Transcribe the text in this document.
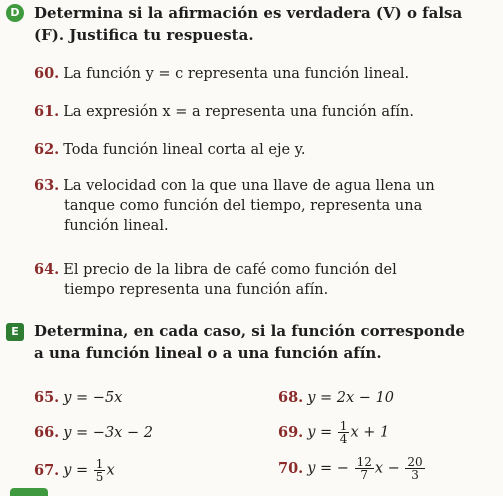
D Determina si la afirmación es verdadera (V) o falsa
(F). Justifica tu respuesta.
60. La función y = c representa una función lineal.
61. La expresión x = a representa una función afín.
62. Toda función lineal corta al eje y.
63. La velocidad con la que una llave de agua llena un
tanque como función del tiempo, representa una
función lineal.
64. El precio de la libra de café como función del
tiempo representa una función afín.
E	Determina, en cada caso, si la función corresponde
a una función lineal o a una función afín.
65. y = −5x
66. y = −3x − 2
67. $y = \frac{1}{5}$ x
68. y = 2x − 10
69. $y = \frac{1}{4}$ x + 1
70. y = − $\frac{12}{7}$ $x - \frac{20}{3}$
